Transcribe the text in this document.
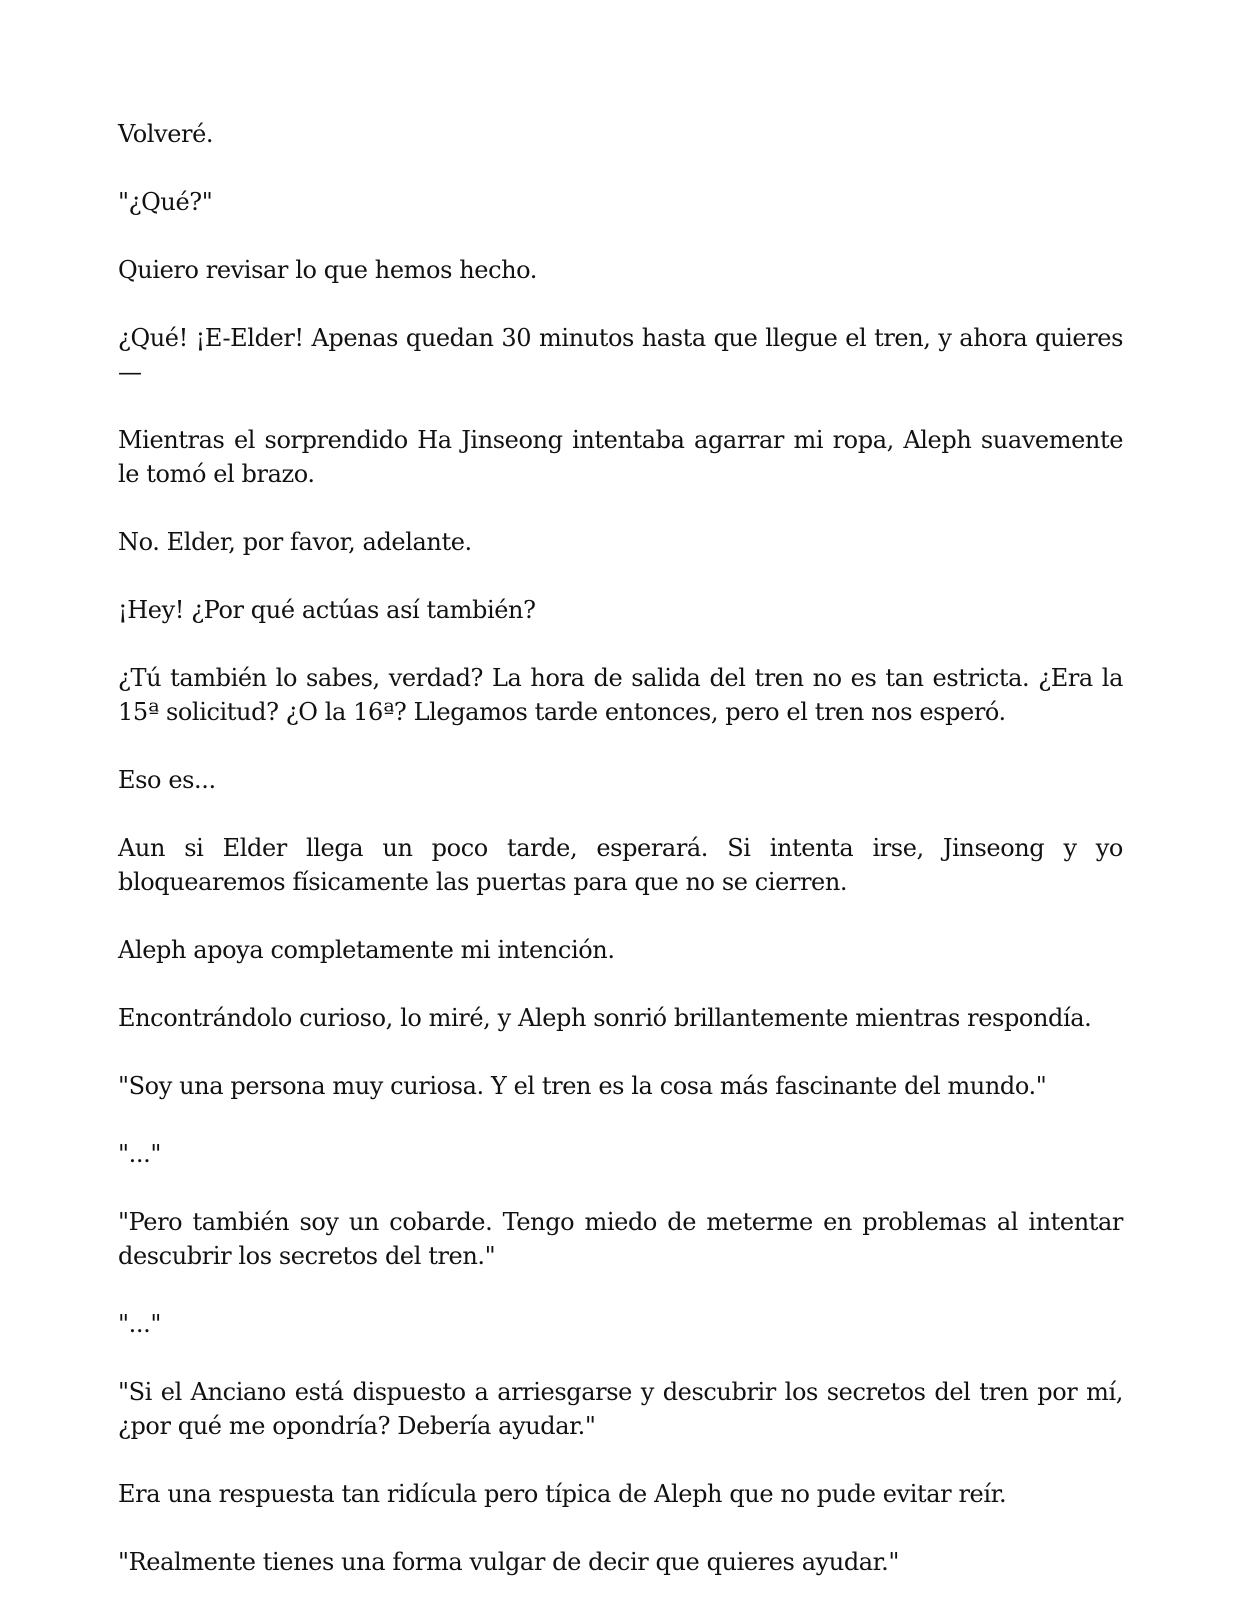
Volveré.

"¿Qué?"

Quiero revisar lo que hemos hecho.

¿Qué! ¡E-Elder! Apenas quedan 30 minutos hasta que llegue el tren, y ahora quieres—

Mientras el sorprendido Ha Jinseong intentaba agarrar mi ropa, Aleph suavemente le tomó el brazo.

No. Elder, por favor, adelante.

¡Hey! ¿Por qué actúas así también?

¿Tú también lo sabes, verdad? La hora de salida del tren no es tan estricta. ¿Era la 15ª solicitud? ¿O la 16ª? Llegamos tarde entonces, pero el tren nos esperó.

Eso es...

Aun si Elder llega un poco tarde, esperará. Si intenta irse, Jinseong y yo bloquearemos físicamente las puertas para que no se cierren.

Aleph apoya completamente mi intención.

Encontrándolo curioso, lo miré, y Aleph sonrió brillantemente mientras respondía.

"Soy una persona muy curiosa. Y el tren es la cosa más fascinante del mundo."

"..."

"Pero también soy un cobarde. Tengo miedo de meterme en problemas al intentar descubrir los secretos del tren."

"..."

"Si el Anciano está dispuesto a arriesgarse y descubrir los secretos del tren por mí, ¿por qué me opondría? Debería ayudar."

Era una respuesta tan ridícula pero típica de Aleph que no pude evitar reír.

"Realmente tienes una forma vulgar de decir que quieres ayudar."
